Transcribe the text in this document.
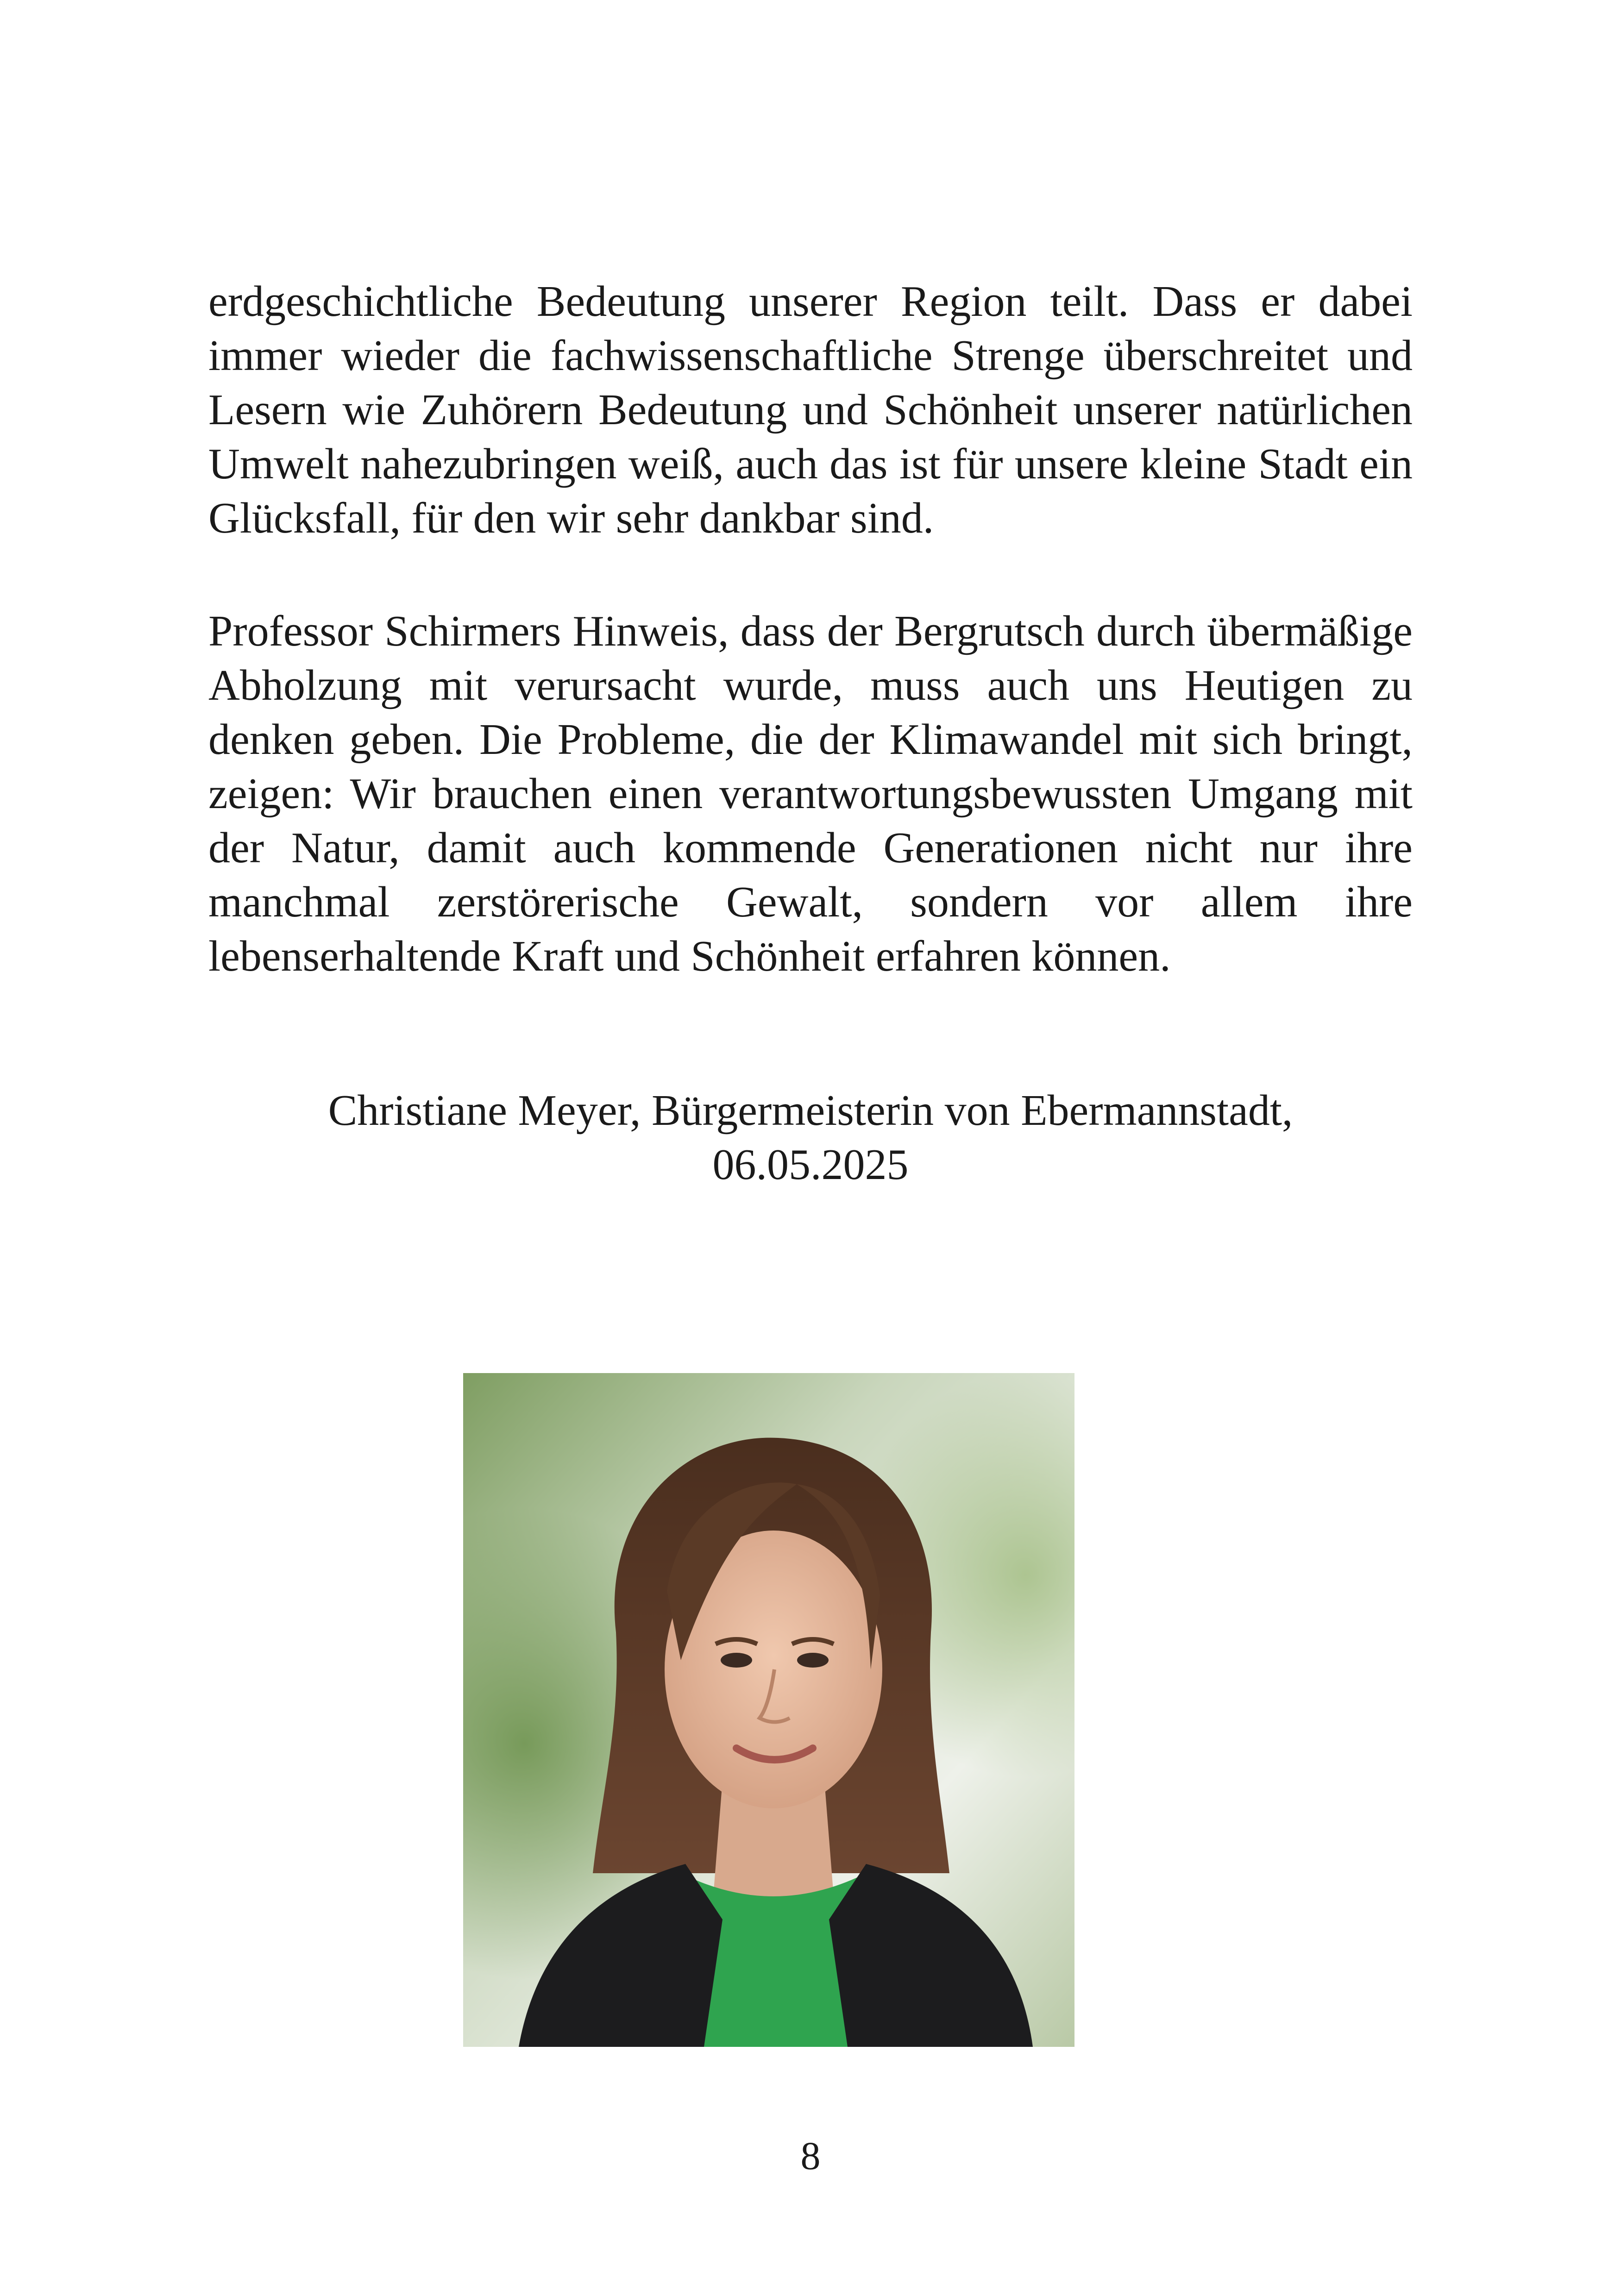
erdgeschichtliche Bedeutung unserer Region teilt. Dass er dabei immer wieder die fachwissenschaftliche Strenge überschreitet und Lesern wie Zuhörern Bedeutung und Schönheit unserer natürlichen Umwelt nahezubringen weiß, auch das ist für unsere kleine Stadt ein Glücksfall, für den wir sehr dankbar sind.

Professor Schirmers Hinweis, dass der Bergrutsch durch übermäßige Abholzung mit verursacht wurde, muss auch uns Heutigen zu denken geben. Die Probleme, die der Klimawandel mit sich bringt, zeigen: Wir brauchen einen verantwortungsbewussten Umgang mit der Natur, damit auch kommende Generationen nicht nur ihre manchmal zerstörerische Gewalt, sondern vor allem ihre lebenserhaltende Kraft und Schönheit erfahren können.

Christiane Meyer, Bürgermeisterin von Ebermannstadt,
06.05.2025
8
